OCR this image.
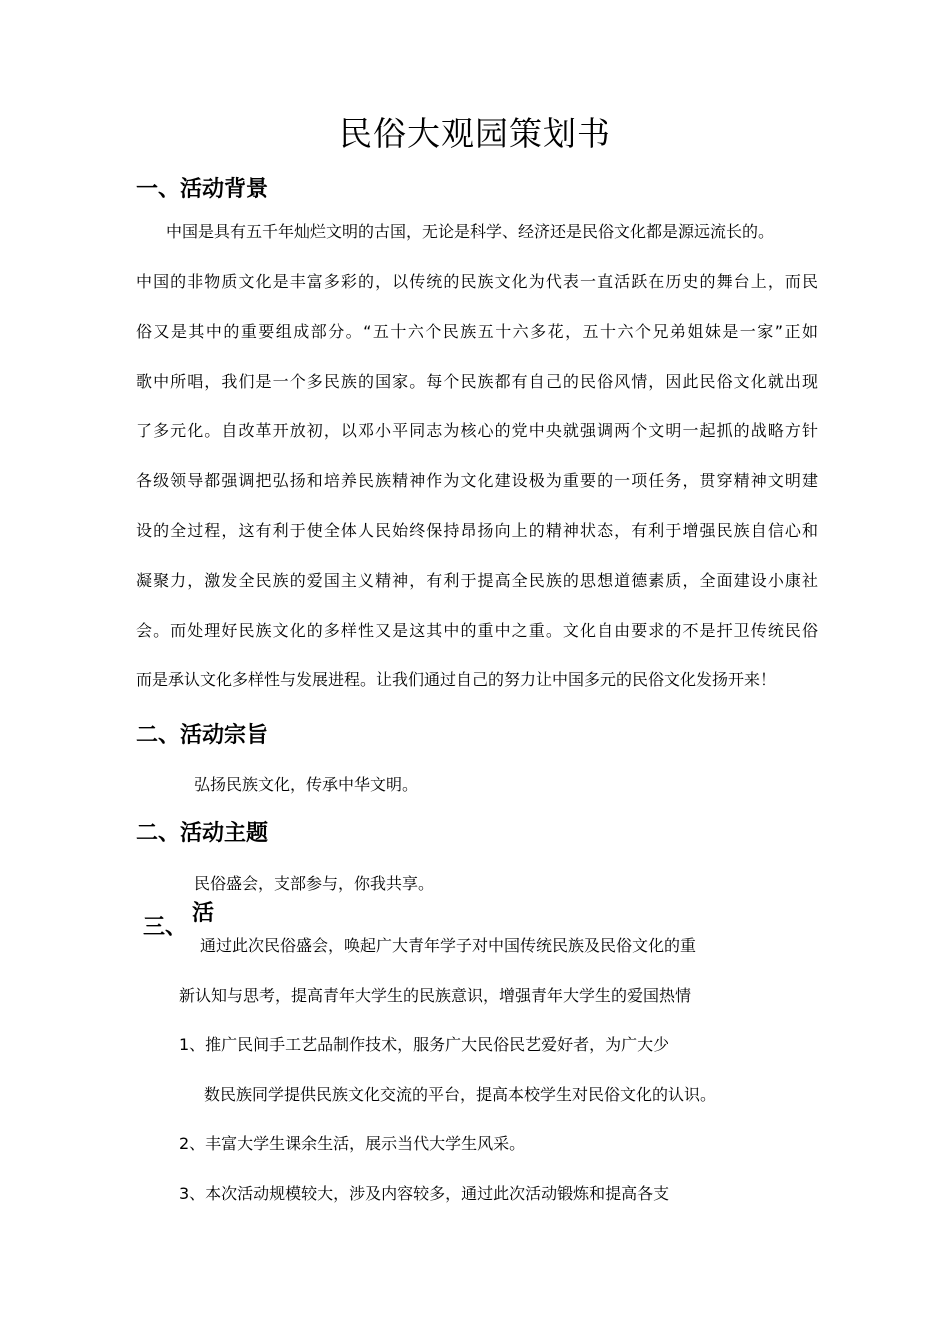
民俗大观园策划书
一、活动背景
中国是具有五千年灿烂文明的古国，无论是科学、经济还是民俗文化都是源远流长的。
中国的非物质文化是丰富多彩的，以传统的民族文化为代表一直活跃在历史的舞台上，而民
俗又是其中的重要组成部分。“五十六个民族五十六多花，五十六个兄弟姐妹是一家”正如
歌中所唱，我们是一个多民族的国家。每个民族都有自己的民俗风情，因此民俗文化就出现
了多元化。自改革开放初，以邓小平同志为核心的党中央就强调两个文明一起抓的战略方针
各级领导都强调把弘扬和培养民族精神作为文化建设极为重要的一项任务，贯穿精神文明建
设的全过程，这有利于使全体人民始终保持昂扬向上的精神状态，有利于增强民族自信心和
凝聚力，激发全民族的爱国主义精神，有利于提高全民族的思想道德素质，全面建设小康社
会。而处理好民族文化的多样性又是这其中的重中之重。文化自由要求的不是扞卫传统民俗
而是承认文化多样性与发展进程。让我们通过自己的努力让中国多元的民俗文化发扬开来！
二、活动宗旨
弘扬民族文化，传承中华文明。
二、活动主题
民俗盛会，支部参与，你我共享。
三、
活
通过此次民俗盛会，唤起广大青年学子对中国传统民族及民俗文化的重
新认知与思考，提高青年大学生的民族意识，增强青年大学生的爱国热情
1、推广民间手工艺品制作技术，服务广大民俗民艺爱好者，为广大少
数民族同学提供民族文化交流的平台，提高本校学生对民俗文化的认识。
2、丰富大学生课余生活，展示当代大学生风采。
3、本次活动规模较大，涉及内容较多，通过此次活动锻炼和提高各支
